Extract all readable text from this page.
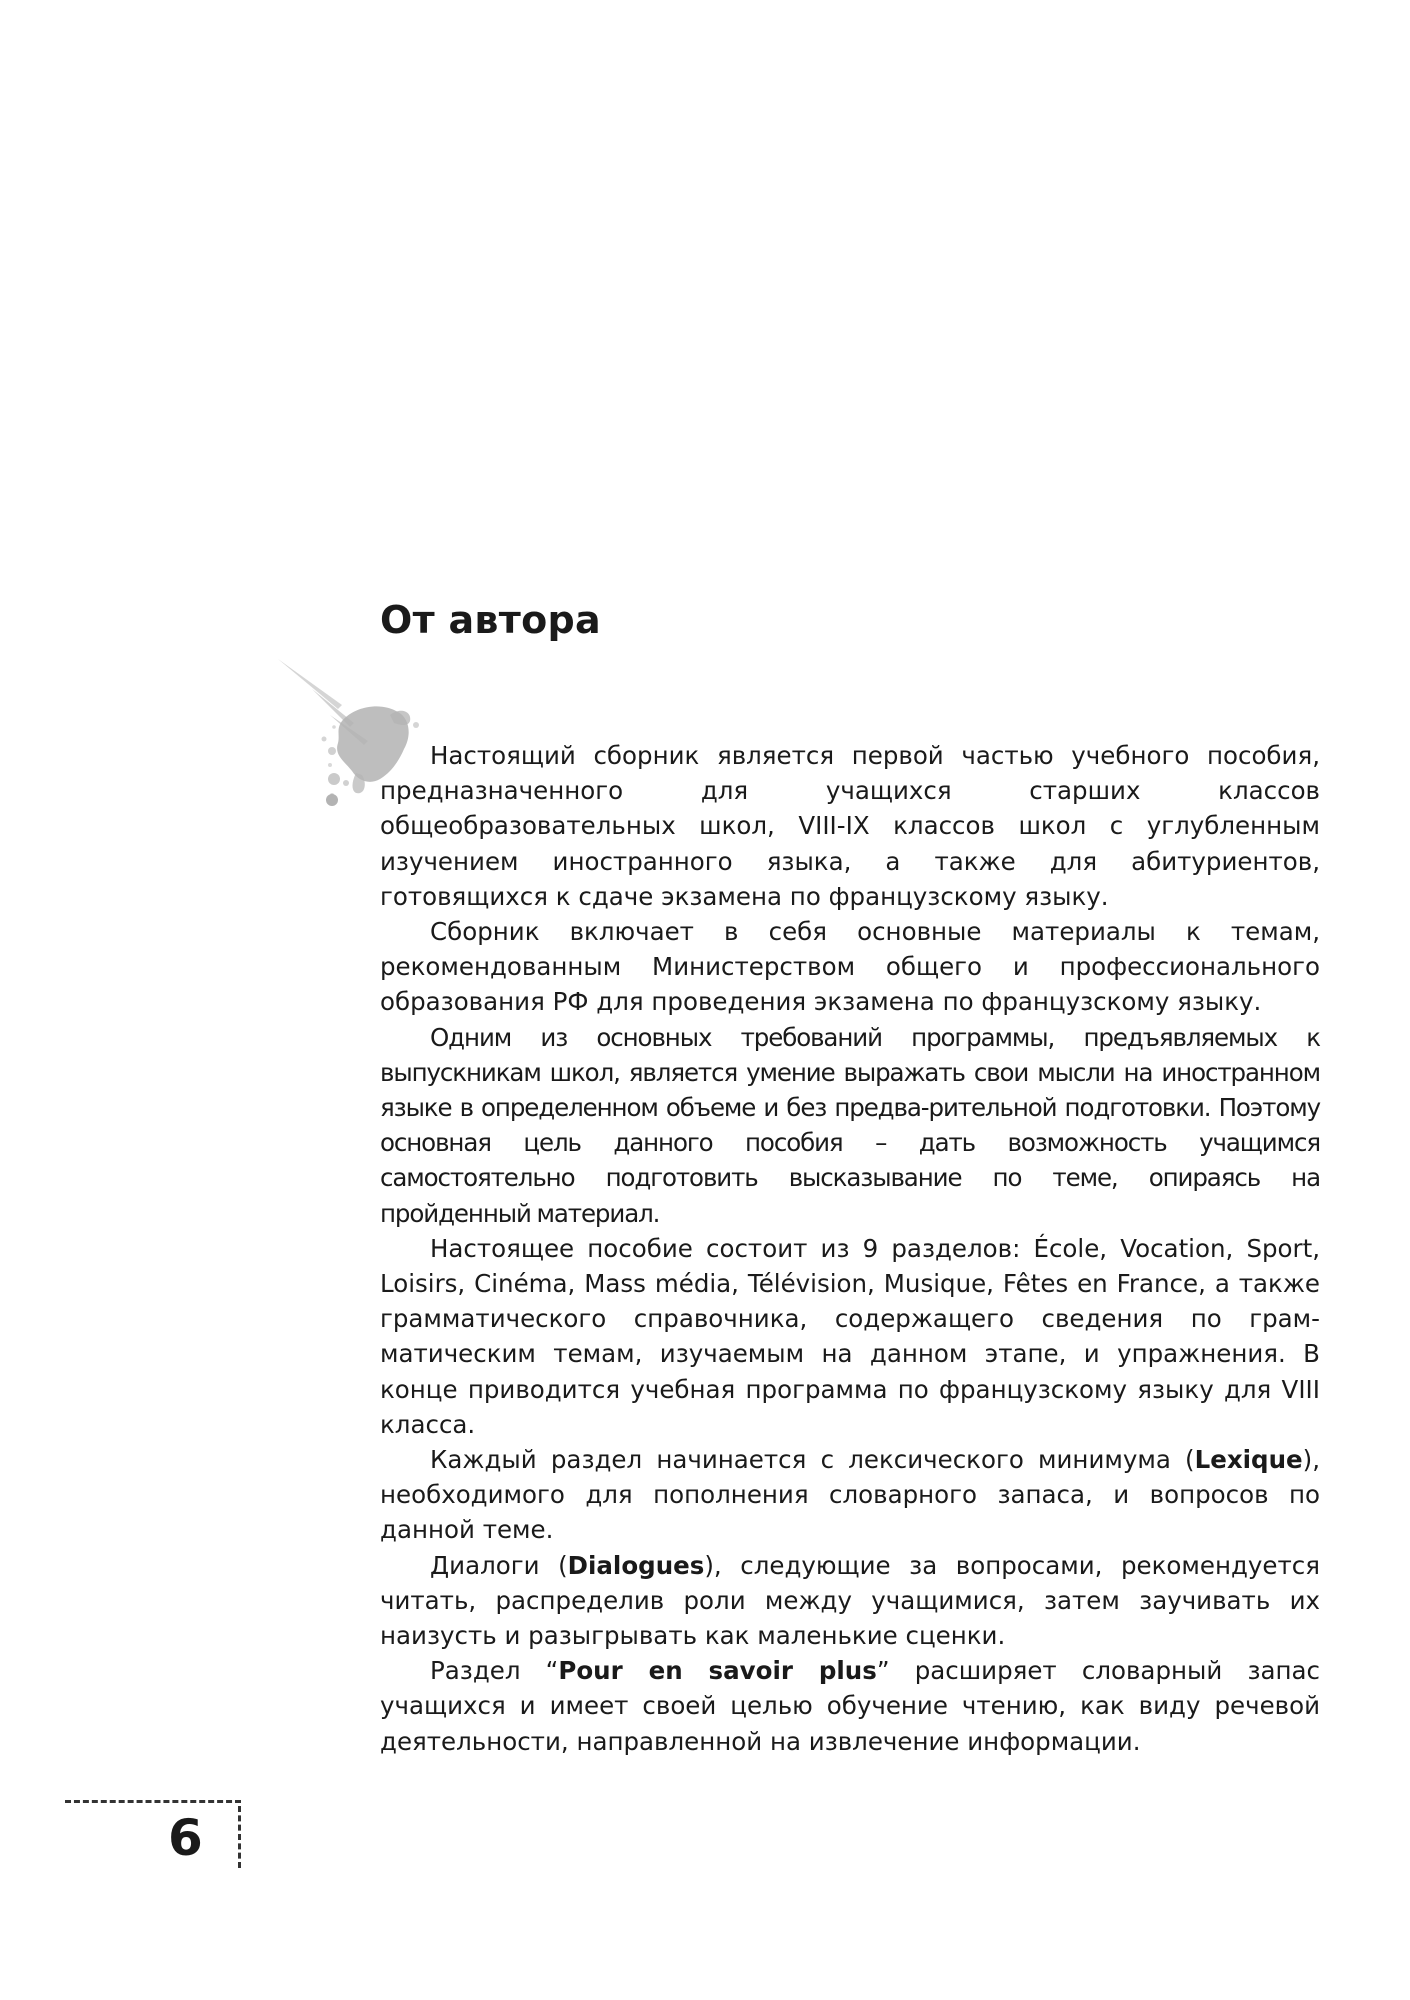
От автора

Настоящий сборник является первой частью учебного пособия, предназначенного для учащихся старших классов общеобразовательных школ, VIII-IX классов школ с углубленным изучением иностранного языка, а также для абитуриентов, готовящихся к сдаче экзамена по французскому языку.

Сборник включает в себя основные материалы к темам, рекомендованным Министерством общего и профессионального образования РФ для проведения экзамена по французскому языку.

Одним из основных требований программы, предъявляемых к выпускникам школ, является умение выражать свои мысли на иностранном языке в определенном объеме и без предва-рительной подготовки. Поэтому основная цель данного пособия – дать возможность учащимся самостоятельно подготовить высказывание по теме, опираясь на пройденный материал.

Настоящее пособие состоит из 9 разделов: École, Vocation, Sport, Loisirs, Cinéma, Mass média, Télévision, Musique, Fêtes en France, а также грамматического справочника, содержащего сведения по грам-матическим темам, изучаемым на данном этапе, и упражнения. В конце приводится учебная программа по французскому языку для VIII класса.

Каждый раздел начинается с лексического минимума (Lexique), необходимого для пополнения словарного запаса, и вопросов по данной теме.

Диалоги (Dialogues), следующие за вопросами, рекомендуется читать, распределив роли между учащимися, затем заучивать их наизусть и разыгрывать как маленькие сценки.

Раздел “Pour en savoir plus” расширяет словарный запас учащихся и имеет своей целью обучение чтению, как виду речевой деятельности, направленной на извлечение информации.

6
